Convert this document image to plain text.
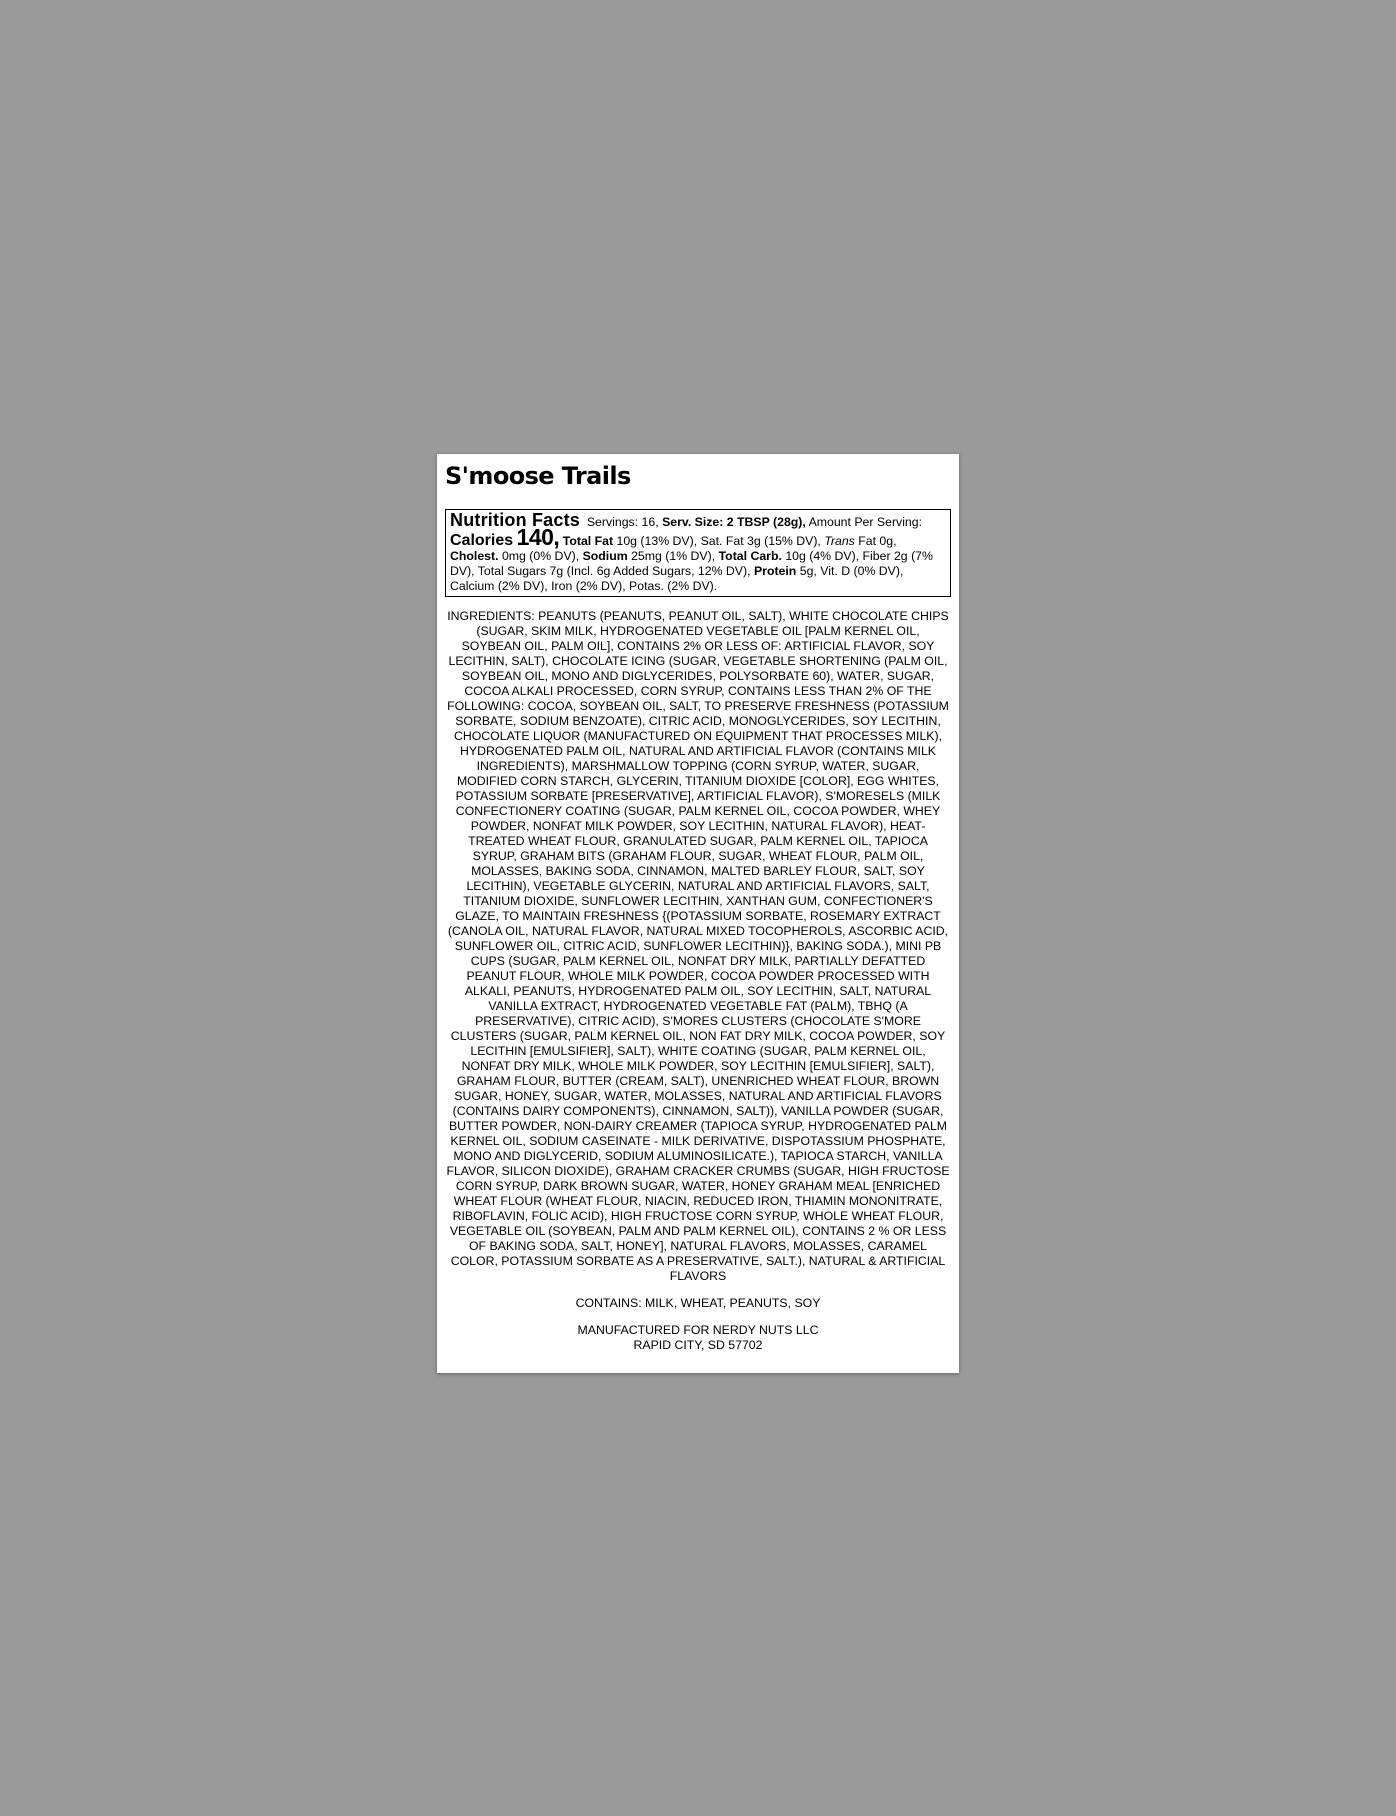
S'moose Trails
Nutrition Facts Servings: 16, Serv. Size: 2 TBSP (28g), Amount Per Serving: Calories 140, Total Fat 10g (13% DV), Sat. Fat 3g (15% DV), Trans Fat 0g, Cholest. 0mg (0% DV), Sodium 25mg (1% DV), Total Carb. 10g (4% DV), Fiber 2g (7% DV), Total Sugars 7g (Incl. 6g Added Sugars, 12% DV), Protein 5g, Vit. D (0% DV), Calcium (2% DV), Iron (2% DV), Potas. (2% DV).
INGREDIENTS: PEANUTS (PEANUTS, PEANUT OIL, SALT), WHITE CHOCOLATE CHIPS (SUGAR, SKIM MILK, HYDROGENATED VEGETABLE OIL [PALM KERNEL OIL, SOYBEAN OIL, PALM OIL], CONTAINS 2% OR LESS OF: ARTIFICIAL FLAVOR, SOY LECITHIN, SALT), CHOCOLATE ICING (SUGAR, VEGETABLE SHORTENING (PALM OIL, SOYBEAN OIL, MONO AND DIGLYCERIDES, POLYSORBATE 60), WATER, SUGAR, COCOA ALKALI PROCESSED, CORN SYRUP, CONTAINS LESS THAN 2% OF THE FOLLOWING: COCOA, SOYBEAN OIL, SALT, TO PRESERVE FRESHNESS (POTASSIUM SORBATE, SODIUM BENZOATE), CITRIC ACID, MONOGLYCERIDES, SOY LECITHIN, CHOCOLATE LIQUOR (MANUFACTURED ON EQUIPMENT THAT PROCESSES MILK), HYDROGENATED PALM OIL, NATURAL AND ARTIFICIAL FLAVOR (CONTAINS MILK INGREDIENTS), MARSHMALLOW TOPPING (CORN SYRUP, WATER, SUGAR, MODIFIED CORN STARCH, GLYCERIN, TITANIUM DIOXIDE [COLOR], EGG WHITES, POTASSIUM SORBATE [PRESERVATIVE], ARTIFICIAL FLAVOR), S'MORESELS (MILK CONFECTIONERY COATING (SUGAR, PALM KERNEL OIL, COCOA POWDER, WHEY POWDER, NONFAT MILK POWDER, SOY LECITHIN, NATURAL FLAVOR), HEAT-TREATED WHEAT FLOUR, GRANULATED SUGAR, PALM KERNEL OIL, TAPIOCA SYRUP, GRAHAM BITS (GRAHAM FLOUR, SUGAR, WHEAT FLOUR, PALM OIL, MOLASSES, BAKING SODA, CINNAMON, MALTED BARLEY FLOUR, SALT, SOY LECITHIN), VEGETABLE GLYCERIN, NATURAL AND ARTIFICIAL FLAVORS, SALT, TITANIUM DIOXIDE, SUNFLOWER LECITHIN, XANTHAN GUM, CONFECTIONER'S GLAZE, TO MAINTAIN FRESHNESS {(POTASSIUM SORBATE, ROSEMARY EXTRACT (CANOLA OIL, NATURAL FLAVOR, NATURAL MIXED TOCOPHEROLS, ASCORBIC ACID, SUNFLOWER OIL, CITRIC ACID, SUNFLOWER LECITHIN)}, BAKING SODA.), MINI PB CUPS (SUGAR, PALM KERNEL OIL, NONFAT DRY MILK, PARTIALLY DEFATTED PEANUT FLOUR, WHOLE MILK POWDER, COCOA POWDER PROCESSED WITH ALKALI, PEANUTS, HYDROGENATED PALM OIL, SOY LECITHIN, SALT, NATURAL VANILLA EXTRACT, HYDROGENATED VEGETABLE FAT (PALM), TBHQ (A PRESERVATIVE), CITRIC ACID), S'MORES CLUSTERS (CHOCOLATE S'MORE CLUSTERS (SUGAR, PALM KERNEL OIL, NON FAT DRY MILK, COCOA POWDER, SOY LECITHIN [EMULSIFIER], SALT), WHITE COATING (SUGAR, PALM KERNEL OIL, NONFAT DRY MILK, WHOLE MILK POWDER, SOY LECITHIN [EMULSIFIER], SALT), GRAHAM FLOUR, BUTTER (CREAM, SALT), UNENRICHED WHEAT FLOUR, BROWN SUGAR, HONEY, SUGAR, WATER, MOLASSES, NATURAL AND ARTIFICIAL FLAVORS (CONTAINS DAIRY COMPONENTS), CINNAMON, SALT)), VANILLA POWDER (SUGAR, BUTTER POWDER, NON-DAIRY CREAMER (TAPIOCA SYRUP, HYDROGENATED PALM KERNEL OIL, SODIUM CASEINATE - MILK DERIVATIVE, DISPOTASSIUM PHOSPHATE, MONO AND DIGLYCERID, SODIUM ALUMINOSILICATE.), TAPIOCA STARCH, VANILLA FLAVOR, SILICON DIOXIDE), GRAHAM CRACKER CRUMBS (SUGAR, HIGH FRUCTOSE CORN SYRUP, DARK BROWN SUGAR, WATER, HONEY GRAHAM MEAL [ENRICHED WHEAT FLOUR (WHEAT FLOUR, NIACIN, REDUCED IRON, THIAMIN MONONITRATE, RIBOFLAVIN, FOLIC ACID), HIGH FRUCTOSE CORN SYRUP, WHOLE WHEAT FLOUR, VEGETABLE OIL (SOYBEAN, PALM AND PALM KERNEL OIL), CONTAINS 2 % OR LESS OF BAKING SODA, SALT, HONEY], NATURAL FLAVORS, MOLASSES, CARAMEL COLOR, POTASSIUM SORBATE AS A PRESERVATIVE, SALT.), NATURAL & ARTIFICIAL FLAVORS
CONTAINS: MILK, WHEAT, PEANUTS, SOY
MANUFACTURED FOR NERDY NUTS LLC
RAPID CITY, SD 57702
